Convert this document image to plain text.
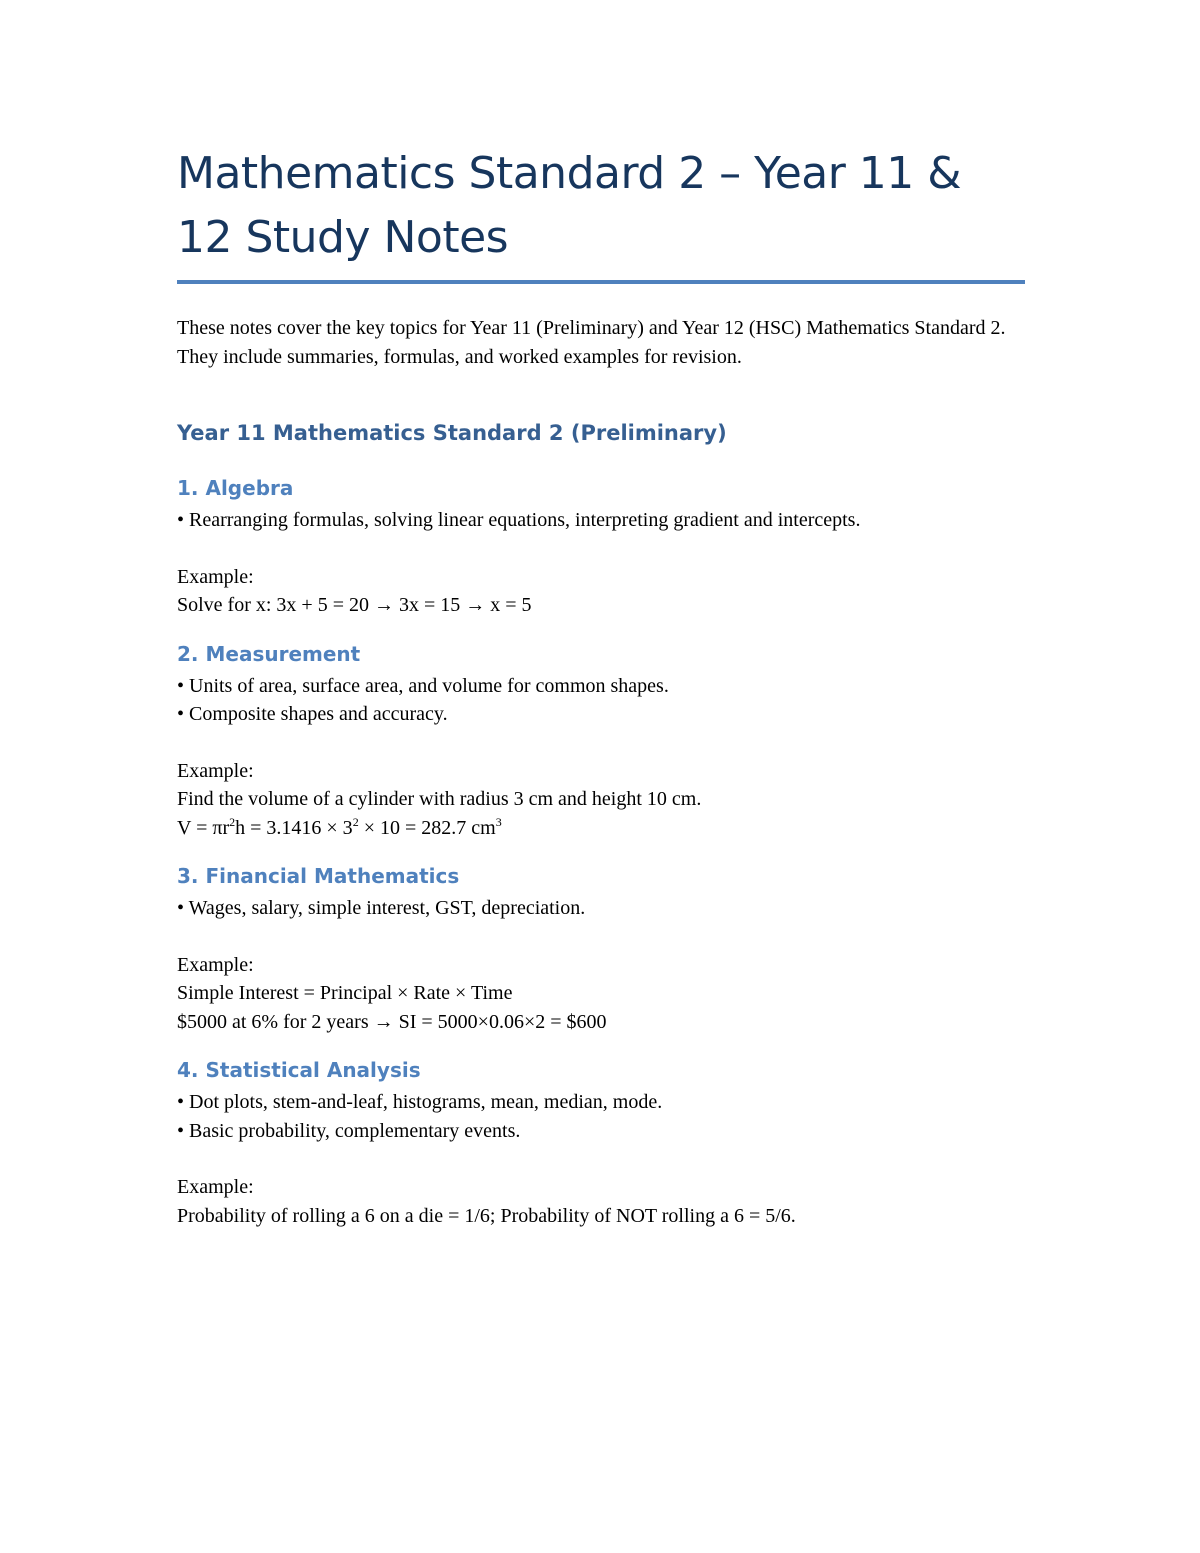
Mathematics Standard 2 – Year 11 & 12 Study Notes

These notes cover the key topics for Year 11 (Preliminary) and Year 12 (HSC) Mathematics Standard 2. They include summaries, formulas, and worked examples for revision.

Year 11 Mathematics Standard 2 (Preliminary)
1. Algebra

• Rearranging formulas, solving linear equations, interpreting gradient and intercepts.

Example:

Solve for x: 3x + 5 = 20 → 3x = 15 → x = 5

2. Measurement

• Units of area, surface area, and volume for common shapes.

• Composite shapes and accuracy.

Example:

Find the volume of a cylinder with radius 3 cm and height 10 cm.

$V = \pi r^2h = 3.1416 \times 3^2 \times 10 = 282.7$ $cm^3$

3. Financial Mathematics

• Wages, salary, simple interest, GST, depreciation.

Example:

Simple Interest = Principal × Rate × Time

$5000 at 6% for 2 years → SI = 5000×0.06×2 = $600

4. Statistical Analysis

• Dot plots, stem-and-leaf, histograms, mean, median, mode.

• Basic probability, complementary events.

Example:

Probability of rolling a 6 on a die = 1/6; Probability of NOT rolling a 6 = 5/6.
